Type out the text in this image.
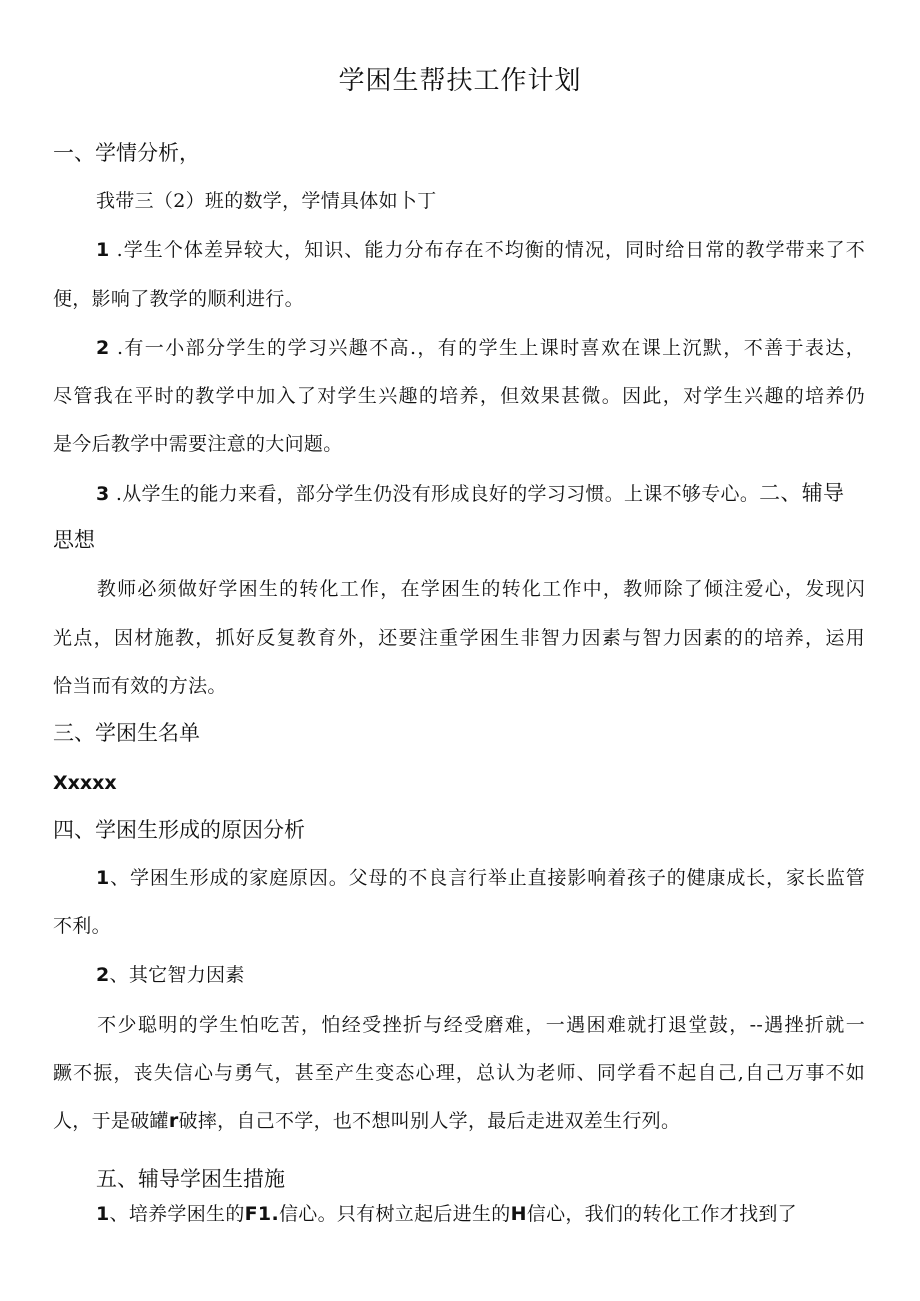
学困生帮扶工作计划
一、学情分析，
我带三（2）班的数学，学情具体如卜丁
1 .学生个体差异较大，知识、能力分布存在不均衡的情况，同时给日常的教学带来了不
便，影响了教学的顺利进行。
2 .有一小部分学生的学习兴趣不高.，有的学生上课时喜欢在课上沉默，不善于表达，
尽管我在平时的教学中加入了对学生兴趣的培养，但效果甚微。因此，对学生兴趣的培养仍
是今后教学中需要注意的大问题。
3 .从学生的能力来看，部分学生仍没有形成良好的学习习惯。上课不够专心。二、辅导
思想
教师必须做好学困生的转化工作，在学困生的转化工作中，教师除了倾注爱心，发现闪
光点，因材施教，抓好反复教育外，还要注重学困生非智力因素与智力因素的的培养，运用
恰当而有效的方法。
三、学困生名单
Xxxxx
四、学困生形成的原因分析
1、学困生形成的家庭原因。父母的不良言行举止直接影响着孩子的健康成长，家长监管
不利。
2、其它智力因素
不少聪明的学生怕吃苦，怕经受挫折与经受磨难，一遇困难就打退堂鼓，--遇挫折就一
蹶不振，丧失信心与勇气，甚至产生变态心理，总认为老师、同学看不起自己,自己万事不如
人，于是破罐r破摔，自己不学，也不想叫别人学，最后走进双差生行列。
五、辅导学困生措施
1、培养学困生的F1.信心。只有树立起后进生的H信心，我们的转化工作才找到了
